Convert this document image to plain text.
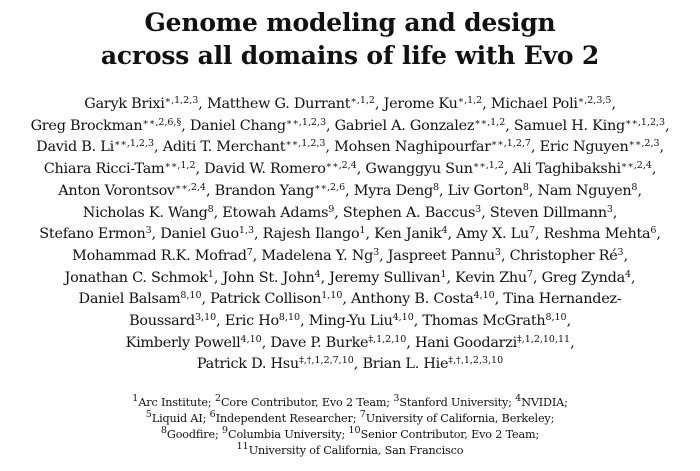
Genome modeling and design
across all domains of life with Evo 2
Garyk Brixi$^{∗,1,2,3}$, Matthew G. Durrant$^{∗,1,2}$, Jerome $Ku^{∗,1,2}$, Michael Poli$^{∗,2,3,5}$,
Greg Brockman$^{∗∗,2,6,\S}$, Daniel Chang$^{∗∗,1,2,3}$, Gabriel A. Gonzalez$^{∗∗,1,2}$, Samuel H. King$^{∗∗,1,2,3}$,
David B. $Li^{∗∗,1,2,3}$, Aditi T. Merchant$^{∗∗,1,2,3}$, Mohsen Naghipourfar$^{∗∗,1,2,7}$, Eric Nguyen$^{∗∗,2,3}$,
Chiara Ricci-Tam$^{∗∗,1,2}$, David W. Romero$^{∗∗,2,4}$, Gwanggyu Sun$^{∗∗,1,2}$, Ali Taghibakshi$^{∗∗,2,4}$,
Anton Vorontsov$^{∗∗,2,4}$, Brandon Yang$^{∗∗,2,6}$, Myra Deng$^8$, Liv Gorton$^8$, Nam Nguyen$^8$,
Nicholas K. Wang$^8$, Etowah Adams$^9$, Stephen A. Baccus$^3$, Steven Dillmann$^3$,
Stefano Ermon$^3$, Daniel Guo$^{1,3}$, Rajesh Ilango$^1$, Ken Janik$^4$, Amy X. Lu$^7$, Reshma Mehta$^6$,
Mohammad R.K. Mofrad$^7$, Madelena Y. Ng$^3$, Jaspreet Pannu$^3$, Christopher $Ré^3$,
Jonathan C. Schmok$^1$, John St. John$^4$, Jeremy Sullivan$^1$, Kevin Zhu$^7$, Greg Zynda$^4$,
Daniel Balsam$^{8,10}$, Patrick Collison$^{1,10}$, Anthony B. Costa$^{4,10}$, Tina Hernandez-
Boussard$^{3,10}$, Eric Ho$^{8,10}$, Ming-Yu Liu$^{4,10}$, Thomas McGrath$^{8,10}$,
Kimberly Powell$^{4,10}$, Dave P. Burke$^{\ddagger,1,2,10}$, Hani Goodarzi$^{\ddagger,1,2,10,11}$,
Patrick D. Hsu$^{\ddagger,\dagger,1,2,7,10}$, Brian L. Hie$^{\ddagger,\dagger,1,2,3,10}$
$^1$Arc Institute; $^2$Core Contributor, Evo 2 Team; $^3$Stanford University; $^4$NVIDIA;
$^5$Liquid AI; $^6$Independent Researcher; $^7$University of California, Berkeley;
$^8$Goodfire; $^9$Columbia University; $^{10}$Senior Contributor, Evo 2 Team;
$^{11}$University of California, San Francisco
